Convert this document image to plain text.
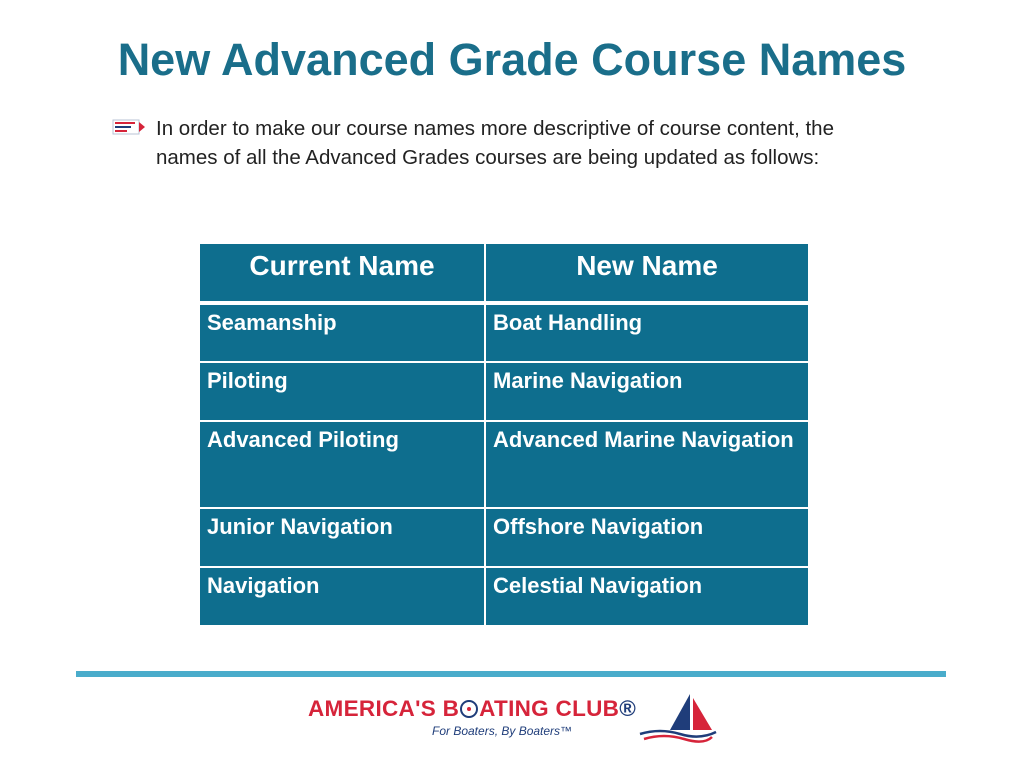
New Advanced Grade Course Names
In order to make our course names more descriptive of course content, the names of all the Advanced Grades courses are being updated as follows:
Current Name	New Name
Seamanship	Boat Handling
Piloting	Marine Navigation
Advanced Piloting	Advanced Marine Navigation
Junior Navigation	Offshore Navigation
Navigation	Celestial Navigation
AMERICA'S B ATING CLUB®
For Boaters, By Boaters™
